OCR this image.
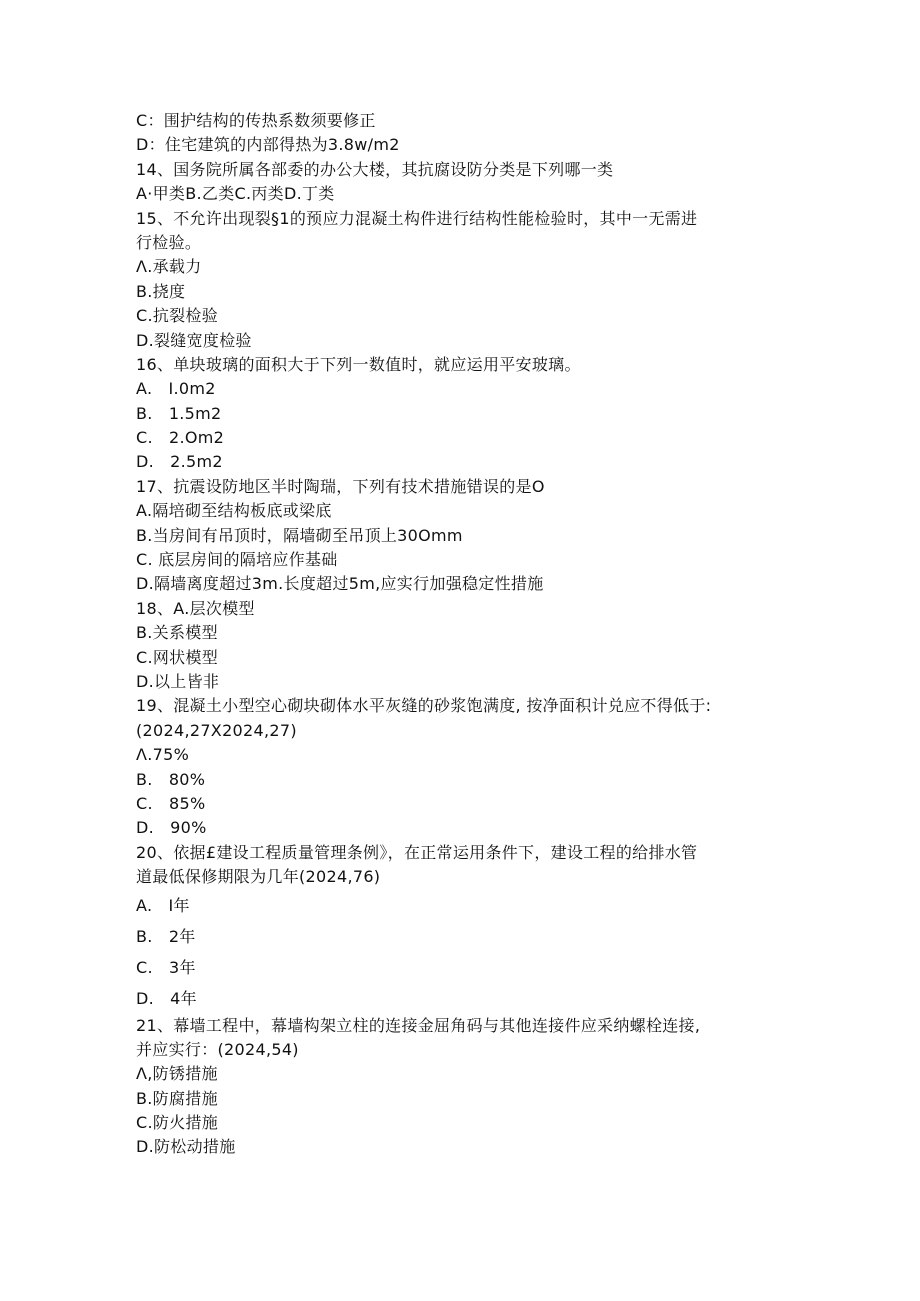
C：围护结构的传热系数须要修正
D：住宅建筑的内部得热为3.8w∕m2
14、国务院所属各部委的办公大楼，其抗腐设防分类是下列哪一类
A·甲类B.乙类C.丙类D.丁类
15、不允许出现裂§1的预应力混凝土构件进行结构性能检验时，其中一无需进
行检验。
Λ.承载力
B.挠度
C.抗裂检验
D.裂缝宽度检验
16、单块玻璃的面积大于下列一数值时，就应运用平安玻璃。
A.   I.0m2
B.   1.5m2
C.   2.Om2
D.   2.5m2
17、抗震设防地区半时陶瑞，下列有技术措施错误的是O
A.隔培砌至结构板底或梁底
B.当房间有吊顶时，隔墙砌至吊顶上30Omm
C. 底层房间的隔培应作基础
D.隔墙离度超过3m.长度超过5m,应实行加强稳定性措施
18、A.层次模型
B.关系模型
C.网状模型
D.以上皆非
19、混凝土小型空心砌块砌体水平灰缝的砂浆饱满度, 按净面积计兑应不得低于:
(2024,27X2024,27)
Λ.75%
B.   80%
C.   85%
D.   90%
20、依据£建设工程质量管理条例》，在正常运用条件下，建设工程的给排水管
道最低保修期限为几年(2024,76)
A.   I年
B.   2年
C.   3年
D.   4年
21、幕墙工程中，幕墙构架立柱的连接金屈角码与其他连接件应采纳螺栓连接,
并应实行：(2024,54)
Λ,防锈措施
B.防腐措施
C.防火措施
D.防松动措施
